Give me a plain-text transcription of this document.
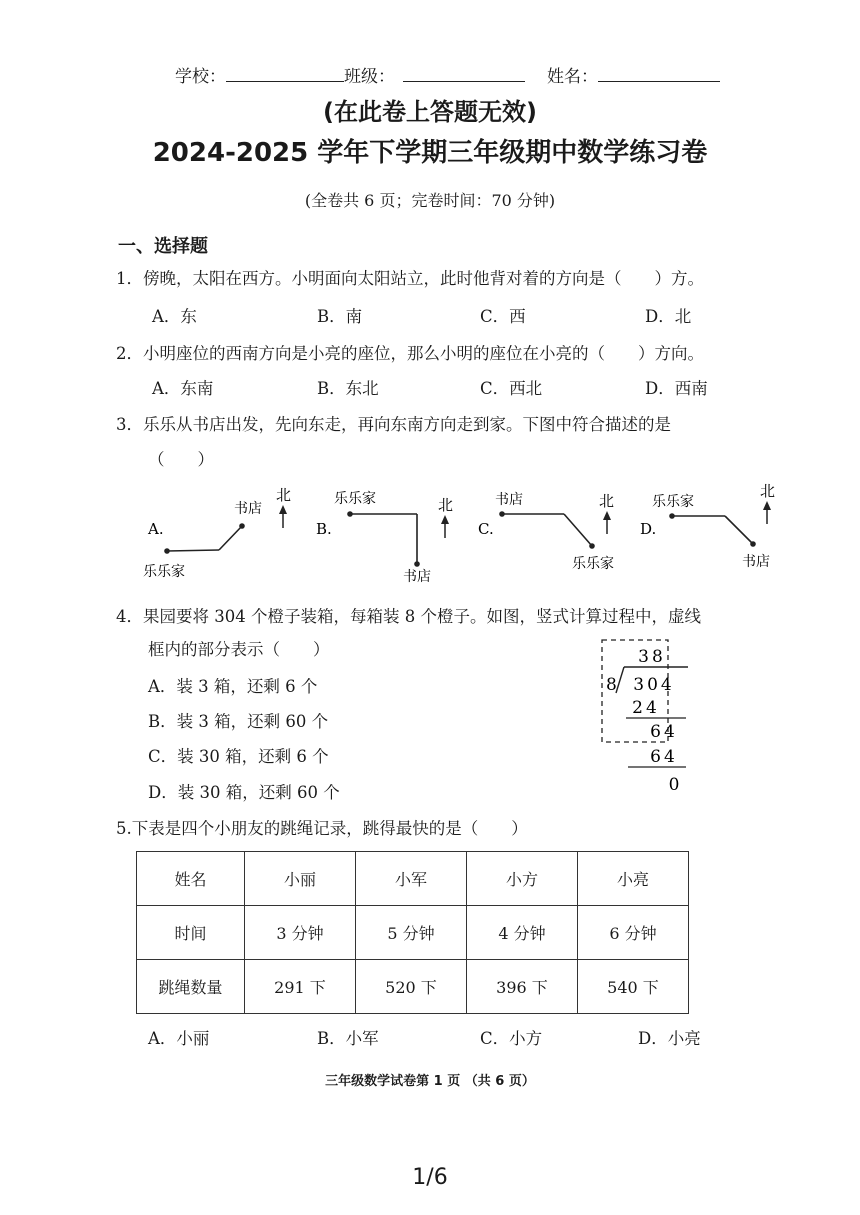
学校：	班级：	姓名：
(在此卷上答题无效)
2024-2025 学年下学期三年级期中数学练习卷
(全卷共 6 页；完卷时间：70 分钟)
一、选择题
1．傍晚，太阳在西方。小明面向太阳站立，此时他背对着的方向是（　　）方。
A．东	B．南	C．西	D．北
2．小明座位的西南方向是小亮的座位，那么小明的座位在小亮的（　　）方向。
A．东南	B．东北	C．西北	D．西南
3．乐乐从书店出发，先向东走，再向东南方向走到家。下图中符合描述的是
（　　）
A.
书店
乐乐家
北
B.
乐乐家
书店
北
C.
书店
乐乐家
北
D.
乐乐家
书店
北
4．果园要将 304 个橙子装箱，每箱装 8 个橙子。如图，竖式计算过程中，虚线
框内的部分表示（　　）
A．装 3 箱，还剩 6 个
B．装 3 箱，还剩 60 个
C．装 30 箱，还剩 6 个
D．装 30 箱，还剩 60 个
38
8 304
24
64
64
0
5.下表是四个小朋友的跳绳记录，跳得最快的是（　　）
姓名	小丽	小军	小方	小亮
时间	3 分钟	5 分钟	4 分钟	6 分钟
跳绳数量	291 下	520 下	396 下	540 下
A．小丽	B．小军	C．小方	D．小亮
三年级数学试卷第 1 页 （共 6 页）
1/6
